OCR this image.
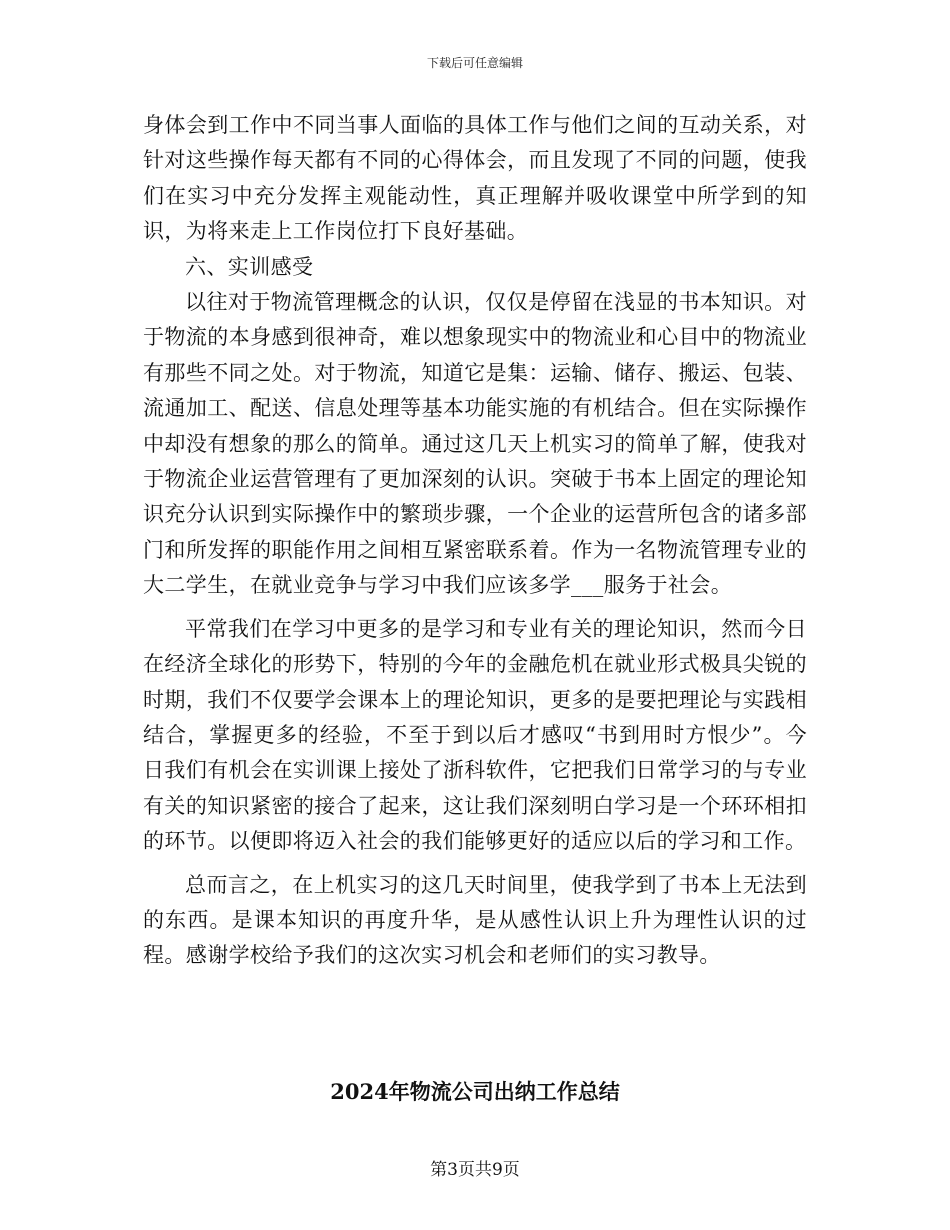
下载后可任意编辑

身体会到工作中不同当事人面临的具体工作与他们之间的互动关系，对针对这些操作每天都有不同的心得体会，而且发现了不同的问题，使我们在实习中充分发挥主观能动性，真正理解并吸收课堂中所学到的知识，为将来走上工作岗位打下良好基础。

六、实训感受

以往对于物流管理概念的认识，仅仅是停留在浅显的书本知识。对于物流的本身感到很神奇，难以想象现实中的物流业和心目中的物流业有那些不同之处。对于物流，知道它是集：运输、储存、搬运、包装、流通加工、配送、信息处理等基本功能实施的有机结合。但在实际操作中却没有想象的那么的简单。通过这几天上机实习的简单了解，使我对于物流企业运营管理有了更加深刻的认识。突破于书本上固定的理论知识充分认识到实际操作中的繁琐步骤，一个企业的运营所包含的诸多部门和所发挥的职能作用之间相互紧密联系着。作为一名物流管理专业的大二学生，在就业竞争与学习中我们应该多学___服务于社会。

平常我们在学习中更多的是学习和专业有关的理论知识，然而今日在经济全球化的形势下，特别的今年的金融危机在就业形式极具尖锐的时期，我们不仅要学会课本上的理论知识，更多的是要把理论与实践相结合，掌握更多的经验，不至于到以后才感叹“书到用时方恨少”。今日我们有机会在实训课上接处了浙科软件，它把我们日常学习的与专业有关的知识紧密的接合了起来，这让我们深刻明白学习是一个环环相扣的环节。以便即将迈入社会的我们能够更好的适应以后的学习和工作。

总而言之，在上机实习的这几天时间里，使我学到了书本上无法到的东西。是课本知识的再度升华，是从感性认识上升为理性认识的过程。感谢学校给予我们的这次实习机会和老师们的实习教导。

2024年物流公司出纳工作总结
第3页共9页
